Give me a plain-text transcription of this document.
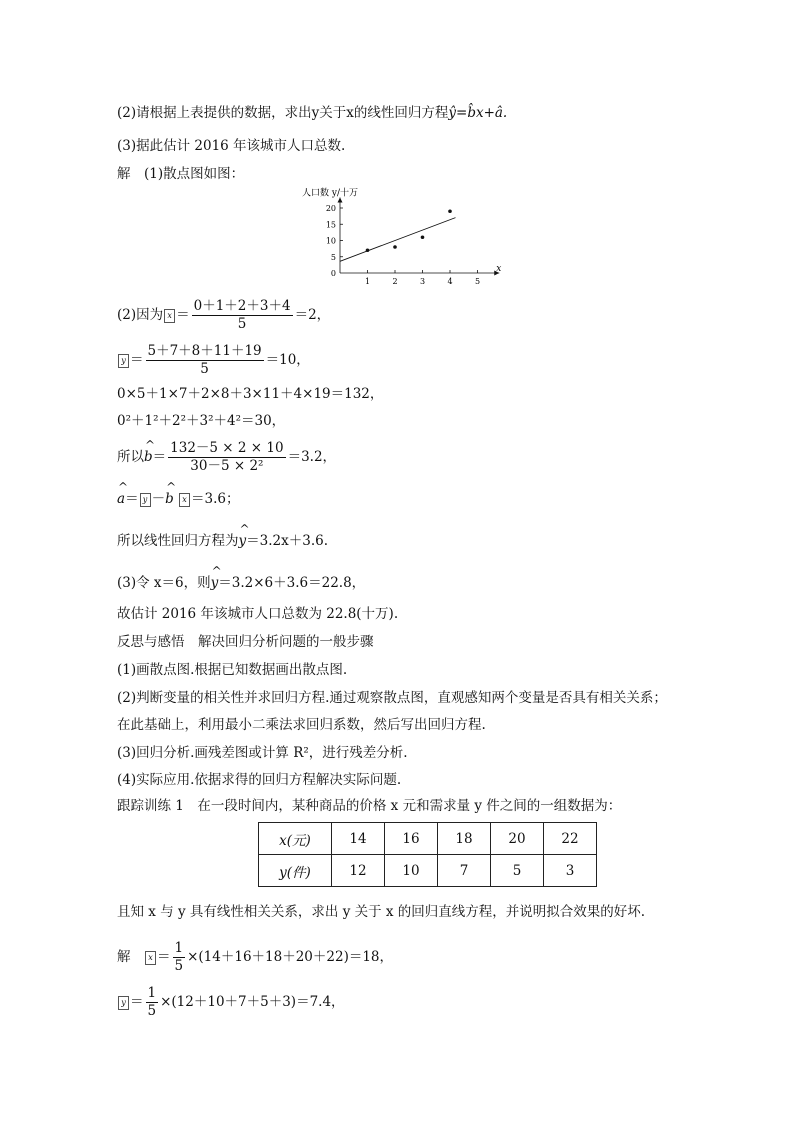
(2)请根据上表提供的数据，求出y关于x的线性回归方程ŷ=b̂x+â.
(3)据此估计 2016 年该城市人口总数.
解　(1)散点图如图：
0
5
10
15
20
1	2	3	4	5
人口数 y/十万
x
(2)因为 $x = \frac{0+1+2+3+4}{5} =2$，
$y = \frac{5+7+8+11+19}{5} =10$，
0×5＋1×7＋2×8＋3×11＋4×19＝132，
0²＋1²＋2²＋3²＋4²＝30，
所以^ $b= \frac{132-5 \times 2 \times 10}{\text{30－5 × 2²}} =3.2$，
^ a＝ y －^ b x ＝3.6；
所以线性回归方程为^ y＝3.2x＋3.6.
(3)令 x＝6，则^ y＝3.2×6＋3.6＝22.8，
故估计 2016 年该城市人口总数为 22.8(十万).
反思与感悟　解决回归分析问题的一般步骤
(1)画散点图.根据已知数据画出散点图.
(2)判断变量的相关性并求回归方程.通过观察散点图，直观感知两个变量是否具有相关关系；
在此基础上，利用最小二乘法求回归系数，然后写出回归方程.
(3)回归分析.画残差图或计算 R²，进行残差分析.
(4)实际应用.依据求得的回归方程解决实际问题.
跟踪训练 1　在一段时间内，某种商品的价格 x 元和需求量 y 件之间的一组数据为：
x(元)	14	16	18	20	22
y(件)	12	10	7	5	3
且知 x 与 y 具有线性相关关系，求出 y 关于 x 的回归直线方程，并说明拟合效果的好坏.
解　 $x = \frac{1}{5} \times(14+16+18+20+22)=18$，
$y = \frac{1}{5} \times(12+10+7+5+3)=7.4$，
